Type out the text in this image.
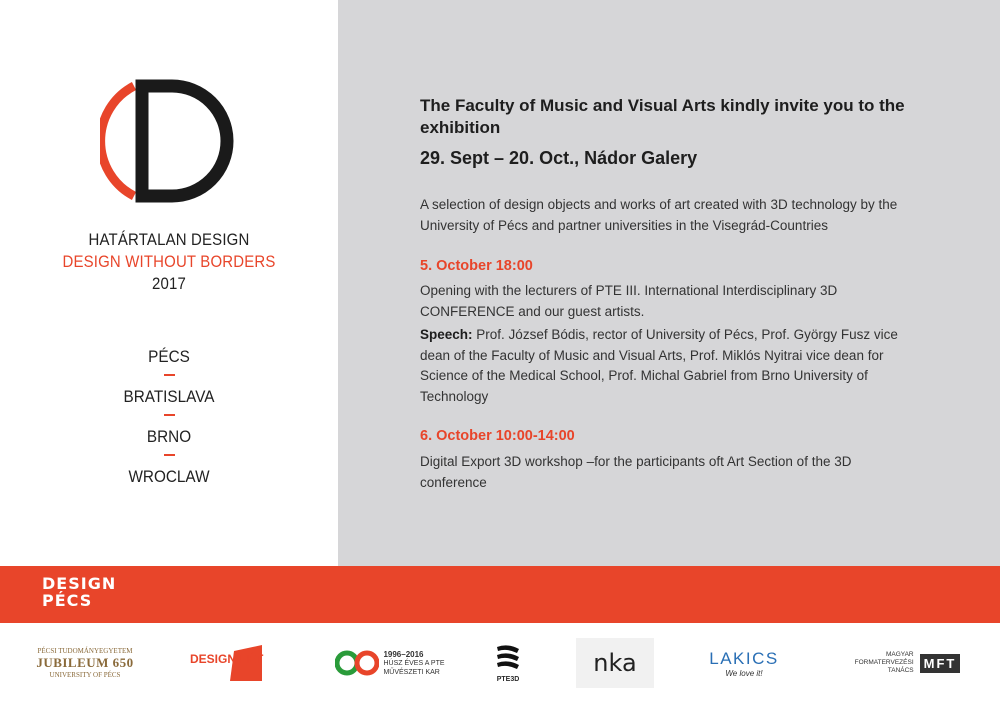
HATÁRTALAN DESIGN
DESIGN WITHOUT BORDERS
2017
PÉCS
BRATISLAVA
BRNO
WROCLAW
The Faculty of Music and Visual Arts kindly invite you to the exhibition
29. Sept – 20. Oct., Nádor Galery
A selection of design objects and works of art created with 3D technology by the University of Pécs and partner universities in the Visegrád-Countries
5. October 18:00
Opening with the lecturers of PTE III. International Interdisciplinary 3D CONFERENCE and our guest artists.
Speech: Prof. József Bódis, rector of University of Pécs, Prof. György Fusz vice dean of the Faculty of Music and Visual Arts, Prof. Miklós Nyitrai vice dean for Science of the Medical School, Prof. Michal Gabriel from Brno University of Technology
6. October 10:00-14:00
Digital Export 3D workshop –for the participants oft Art Section of the 3D conference
DESIGN
PÉCS
PÉCSI TUDOMÁNYEGYETEM
JUBILEUM 650
UNIVERSITY OF PÉCS
DESIGN HÉT	1996–2016
HÚSZ ÉVES A PTE
MŰVÉSZETI KAR
PTE3D
nka	LAKICS
We love it!
MAGYAR
FORMATERVEZÉSI
TANÁCS MFT
